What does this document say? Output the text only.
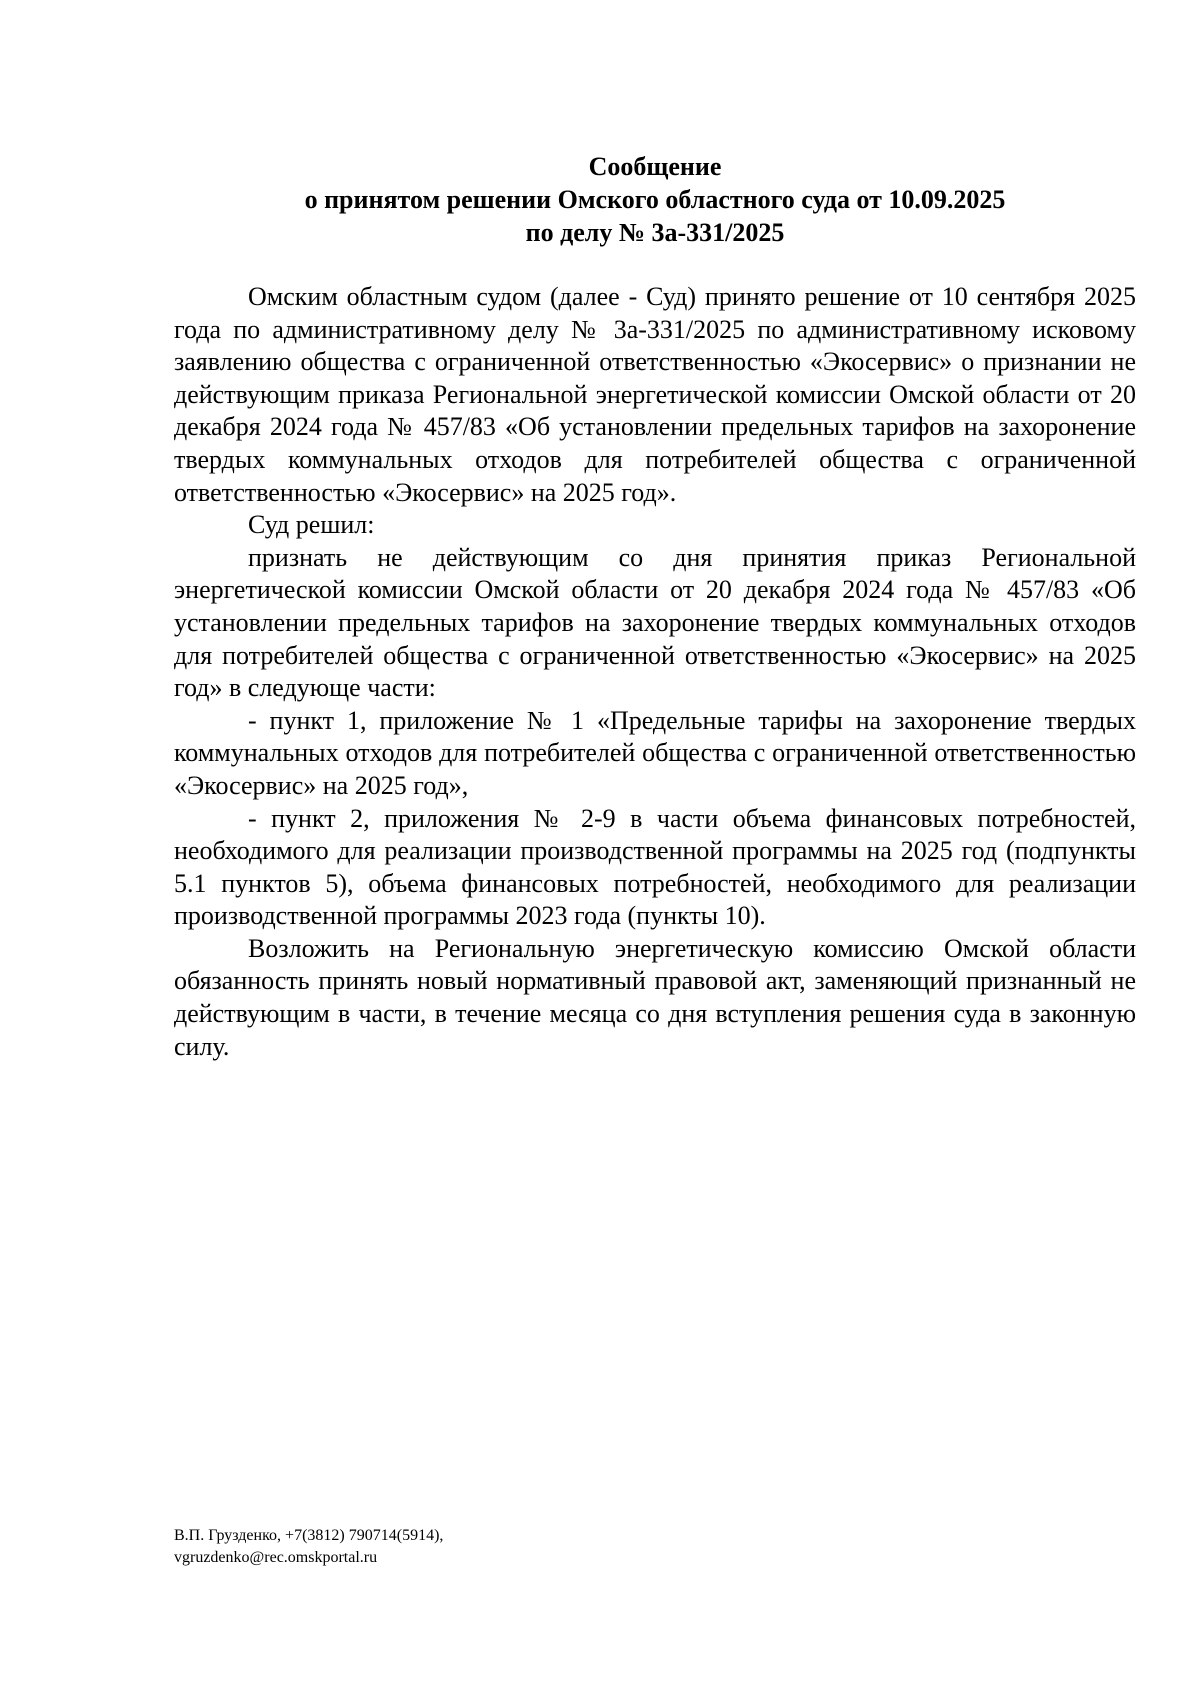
Сообщение
о принятом решении Омского областного суда от 10.09.2025
по делу № 3а-331/2025

Омским областным судом (далее - Суд) принято решение от 10 сентября 2025 года по административному делу № 3а-331/2025 по административному исковому заявлению общества с ограниченной ответственностью «Экосервис» о признании не действующим приказа Региональной энергетической комиссии Омской области от 20 декабря 2024 года № 457/83 «Об установлении предельных тарифов на захоронение твердых коммунальных отходов для потребителей общества с ограниченной ответственностью «Экосервис» на 2025 год».

Суд решил:

признать не действующим со дня принятия приказ Региональной энергетической комиссии Омской области от 20 декабря 2024 года № 457/83 «Об установлении предельных тарифов на захоронение твердых коммунальных отходов для потребителей общества с ограниченной ответственностью «Экосервис» на 2025 год» в следующе части:

- пункт 1, приложение № 1 «Предельные тарифы на захоронение твердых коммунальных отходов для потребителей общества с ограниченной ответственностью «Экосервис» на 2025 год»,

- пункт 2, приложения № 2-9 в части объема финансовых потребностей, необходимого для реализации производственной программы на 2025 год (подпункты 5.1 пунктов 5), объема финансовых потребностей, необходимого для реализации производственной программы 2023 года (пункты 10).

Возложить на Региональную энергетическую комиссию Омской области обязанность принять новый нормативный правовой акт, заменяющий признанный не действующим в части, в течение месяца со дня вступления решения суда в законную силу.

В.П. Грузденко, +7(3812) 790714(5914),
vgruzdenko@rec.omskportal.ru
